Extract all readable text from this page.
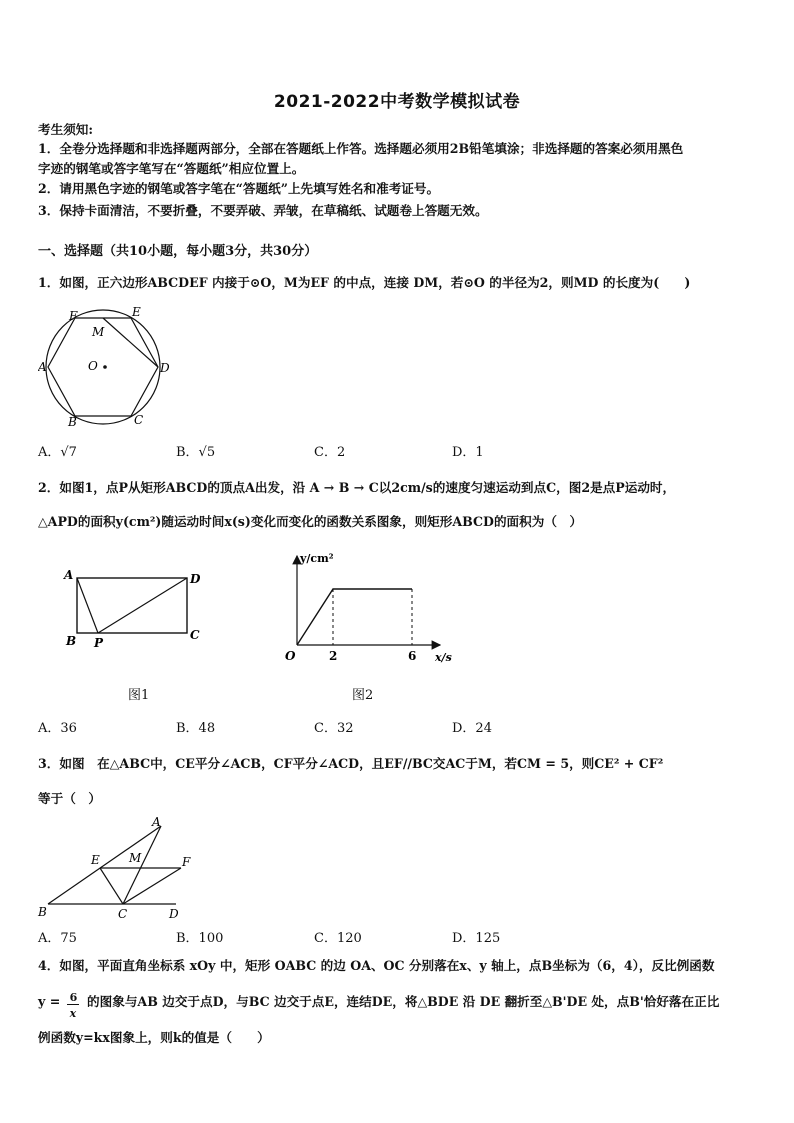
2021-2022中考数学模拟试卷
考生须知:
1．全卷分选择题和非选择题两部分，全部在答题纸上作答。选择题必须用2B铅笔填涂；非选择题的答案必须用黑色
字迹的钢笔或答字笔写在“答题纸”相应位置上。
2．请用黑色字迹的钢笔或答字笔在“答题纸”上先填写姓名和准考证号。
3．保持卡面清洁，不要折叠，不要弄破、弄皱，在草稿纸、试题卷上答题无效。
一、选择题（共10小题，每小题3分，共30分）
1．如图，正六边形ABCDEF 内接于⊙O，M为EF 的中点，连接 DM，若⊙O 的半径为2，则MD 的长度为(　　)
A
B	C
D
E
F
M
O
A．√7	B．√5	C．2	D．1
2．如图1，点P从矩形ABCD的顶点A出发，沿 A → B → C以2cm/s的速度匀速运动到点C，图2是点P运动时，
△APD的面积y(cm²)随运动时间x(s)变化而变化的函数关系图象，则矩形ABCD的面积为（　）
A
B	C
D
P
图1
y/cm²
x/s
O	2	6
图2
A．36	B．48	C．32	D．24
3．如图　在△ABC中，CE平分∠ACB，CF平分∠ACD，且EF//BC交AC于M，若CM = 5，则CE² + CF²
等于（　）
B	C	D
A
E M	F
A．75	B．100	C．120	D．125
4．如图，平面直角坐标系 xOy 中，矩形 OABC 的边 OA、OC 分别落在x、y 轴上，点B坐标为（6，4），反比例函数
y =
$\frac{6}{x}$
的图象与AB 边交于点D，与BC 边交于点E，连结DE，将△BDE 沿 DE 翻折至△B'DE 处，点B'恰好落在正比
例函数y=kx图象上，则k的值是（　　）
